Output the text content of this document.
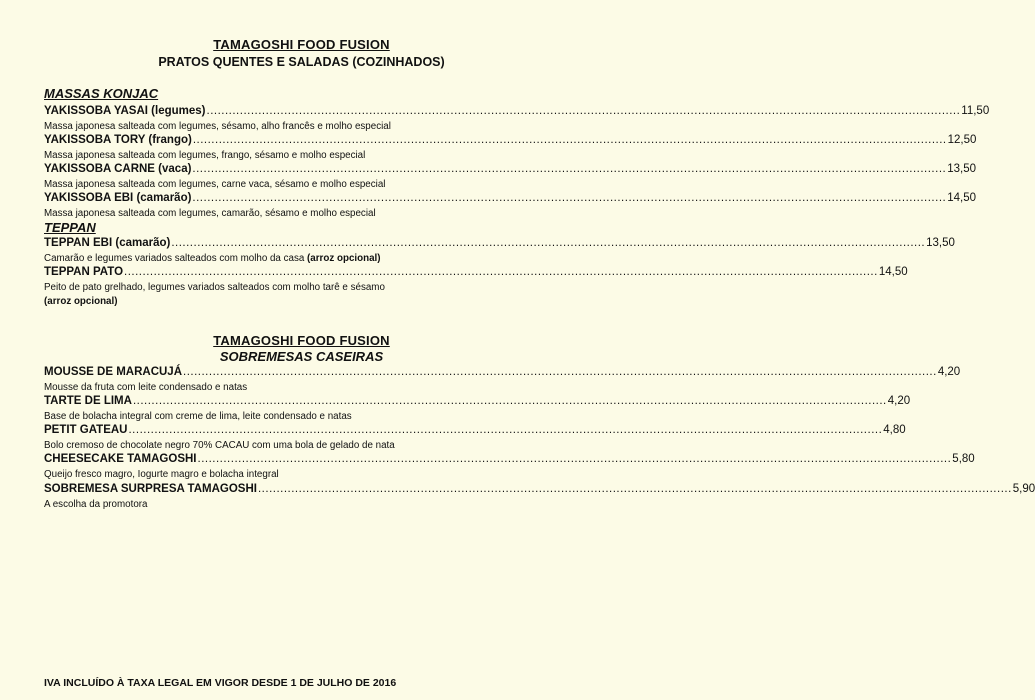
TAMAGOSHI FOOD FUSION
PRATOS QUENTES E SALADAS (COZINHADOS)
MASSAS KONJAC
YAKISSOBA YASAI (legumes) ............................................................................................................................................................................................................ 11,50
Massa japonesa salteada com legumes, sésamo, alho francês e molho especial
YAKISSOBA TORY (frango) ............................................................................................................................................................................................................ 12,50
Massa japonesa salteada com legumes, frango, sésamo e molho especial
YAKISSOBA CARNE (vaca) ............................................................................................................................................................................................................ 13,50
Massa japonesa salteada com legumes, carne vaca, sésamo e molho especial
YAKISSOBA EBI (camarão) ............................................................................................................................................................................................................ 14,50
Massa japonesa salteada com legumes, camarão, sésamo e molho especial
TEPPAN
TEPPAN EBI (camarão) ............................................................................................................................................................................................................ 13,50
Camarão e legumes variados salteados com molho da casa (arroz opcional)
TEPPAN PATO ............................................................................................................................................................................................................ 14,50
Peito de pato grelhado, legumes variados salteados com molho tarê e sésamo
(arroz opcional)
TAMAGOSHI FOOD FUSION
SOBREMESAS CASEIRAS
MOUSSE DE MARACUJÁ ............................................................................................................................................................................................................ 4,20
Mousse da fruta com leite condensado e natas
TARTE DE LIMA ............................................................................................................................................................................................................ 4,20
Base de bolacha integral com creme de lima, leite condensado e natas
PETIT GATEAU ............................................................................................................................................................................................................ 4,80
Bolo cremoso de chocolate negro 70% CACAU com uma bola de gelado de nata
CHEESECAKE TAMAGOSHI ............................................................................................................................................................................................................ 5,80
Queijo fresco magro, Iogurte magro e bolacha integral
SOBREMESA SURPRESA TAMAGOSHI ............................................................................................................................................................................................................ 5,90
A escolha da promotora
IVA INCLUÍDO À TAXA LEGAL EM VIGOR DESDE 1 DE JULHO DE 2016
